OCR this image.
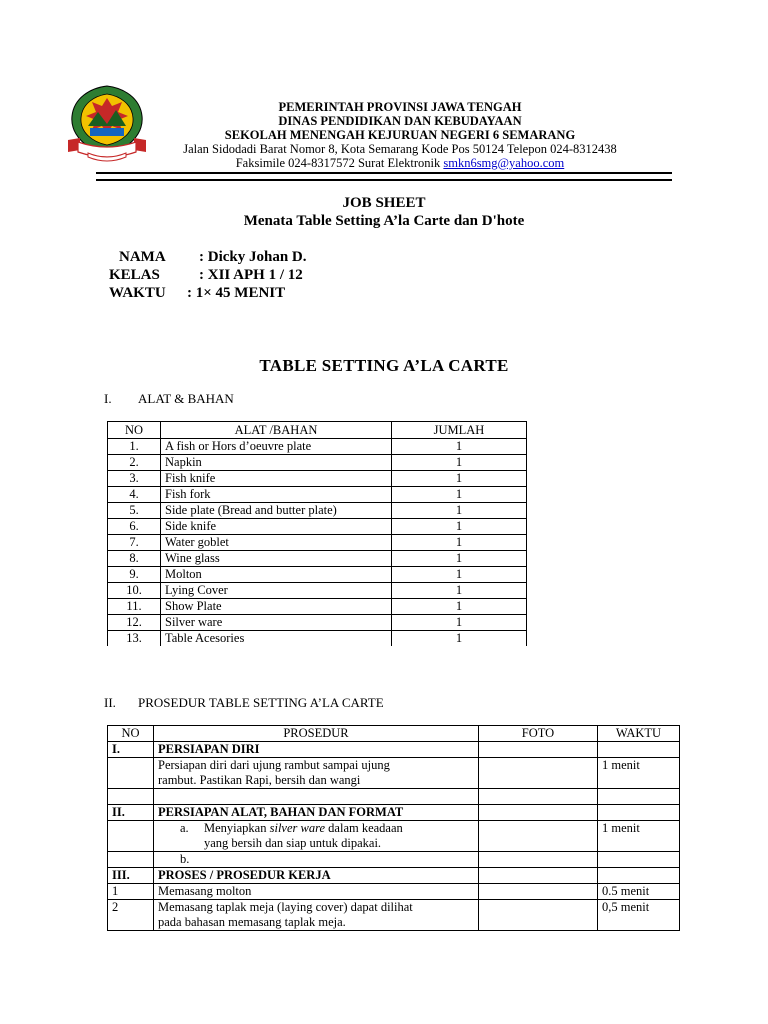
PEMERINTAH PROVINSI JAWA TENGAH
DINAS PENDIDIKAN DAN KEBUDAYAAN
SEKOLAH MENENGAH KEJURUAN NEGERI 6 SEMARANG
Jalan Sidodadi Barat Nomor 8, Kota Semarang Kode Pos 50124 Telepon 024-8312438
Faksimile 024-8317572 Surat Elektronik smkn6smg@yahoo.com
JOB SHEET
Menata Table Setting A’la Carte dan D'hote
NAMA : Dicky Johan D.
KELAS	: XII APH 1 / 12
WAKTU : 1× 45 MENIT
TABLE SETTING A’LA CARTE
I. ALAT & BAHAN
NO	ALAT /BAHAN	JUMLAH
1.	A fish or Hors d’oeuvre plate	1
2.	Napkin	1
3.	Fish knife	1
4.	Fish fork	1
5.	Side plate (Bread and butter plate)	1
6.	Side knife	1
7.	Water goblet	1
8.	Wine glass	1
9.	Molton	1
10.	Lying Cover	1
11.	Show Plate	1
12.	Silver ware	1
13.	Table Acesories	1
II. PROSEDUR TABLE SETTING A’LA CARTE
NO	PROSEDUR	FOTO	WAKTU
I.	PERSIAPAN DIRI		

	Persiapan diri dari ujung rambut sampai ujung
rambut. Pastikan Rapi, bersih dan wangi		1 menit

II.	PERSIAPAN ALAT, BAHAN DAN FORMAT		

	a. Menyiapkan silver ware dalam keadaan
yang bersih dan siap untuk dipakai.		1 menit
	b.		
III.	PROSES / PROSEDUR KERJA		
1	Memasang molton		0.5 menit
2	Memasang taplak meja (laying cover) dapat dilihat
pada bahasan memasang taplak meja.		0,5 menit
